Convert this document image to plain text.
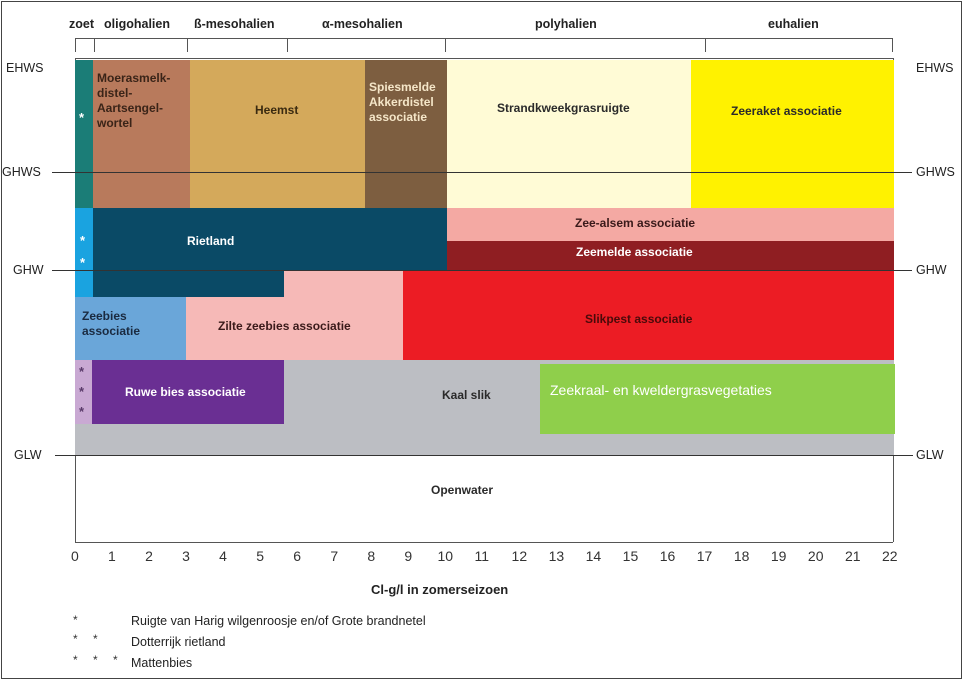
zoet oligohalien ß-mesohalien	α-mesohalien	polyhalien	euhalien
*
Moerasmelk-
distel-
Aartsengel-
wortel
Heemst
Spiesmelde
Akkerdistel
associatie
Strandkweekgrasruigte	Zeeraket associatie
*
*
Rietland
Zee-alsem associatie
Zeemelde associatie
Zeebies
associatie	Zilte zeebies associatie	Slikpest associatie
Kaal slik
*
*
*
Ruwe bies associatie	Zeekraal- en kweldergrasvegetaties
Openwater
EHWS	EHWS
GHWS	GHWS
GHW	GHW
GLW	GLW
0 1 2 3 4 5 6 7 8 9 10 11 12 13 14 15 16 17 18 19 20 21 22
Cl-g/l in zomerseizoen
*	Ruigte van Harig wilgenroosje en/of Grote brandnetel
* * Dotterrijk rietland
* * * Mattenbies
